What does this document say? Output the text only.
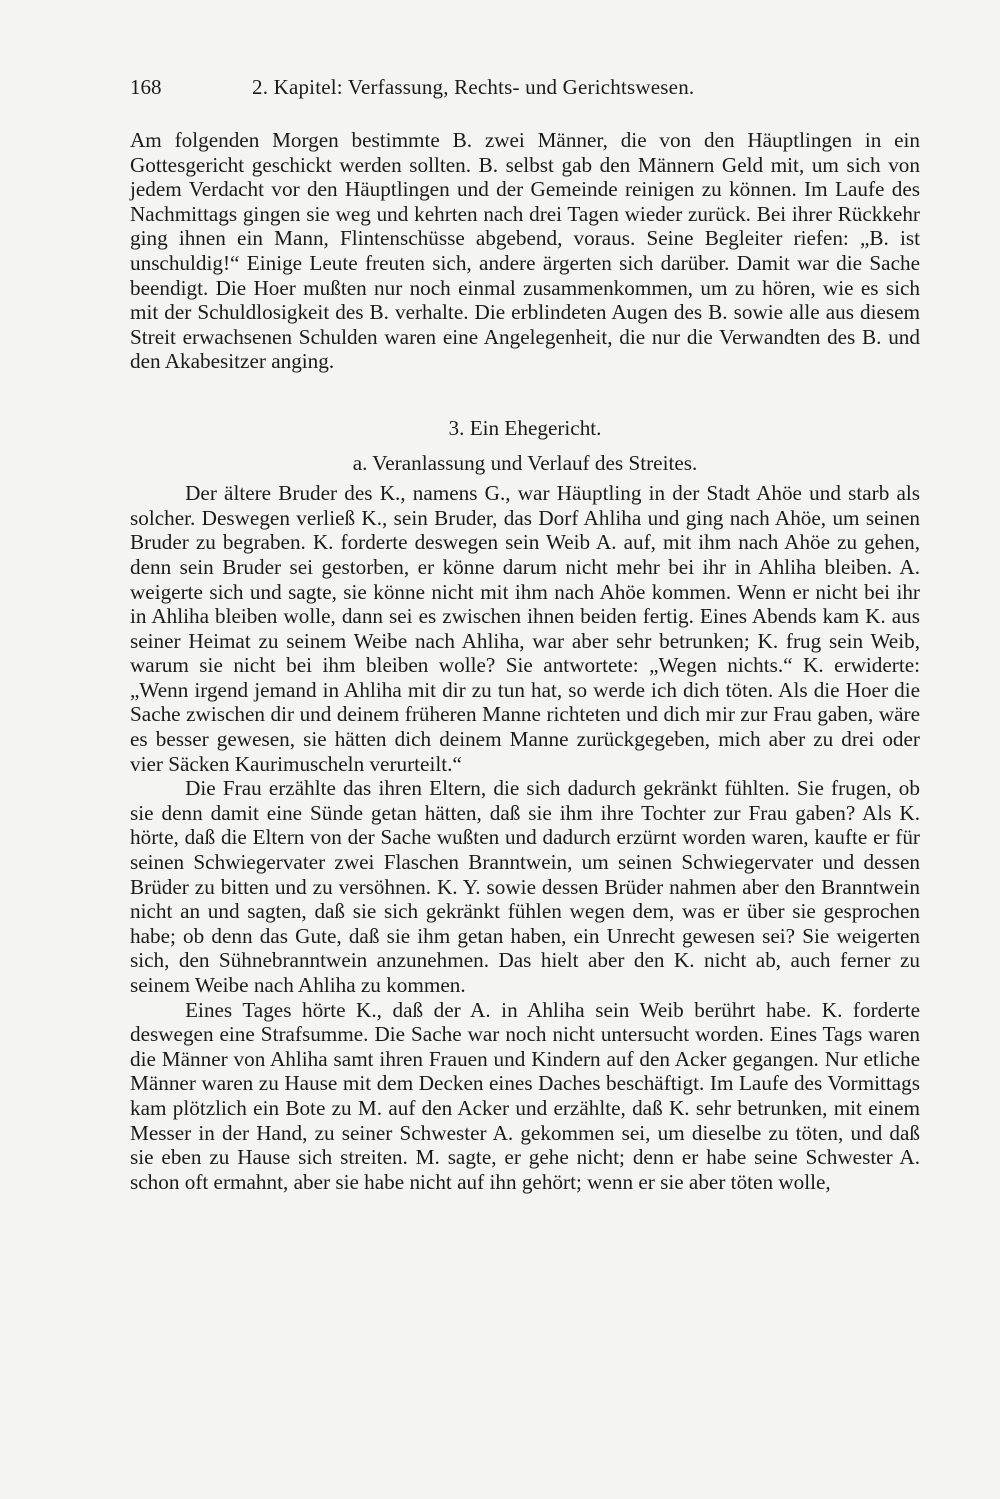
168	2. Kapitel: Verfassung, Rechts- und Gerichtswesen.

Am folgenden Morgen bestimmte B. zwei Männer, die von den Häuptlingen in ein Gottesgericht geschickt werden sollten. B. selbst gab den Männern Geld mit, um sich von jedem Verdacht vor den Häuptlingen und der Gemeinde reinigen zu können. Im Laufe des Nachmittags gingen sie weg und kehrten nach drei Tagen wieder zurück. Bei ihrer Rückkehr ging ihnen ein Mann, Flintenschüsse abgebend, voraus. Seine Begleiter riefen: „B. ist unschuldig!“ Einige Leute freuten sich, andere ärgerten sich darüber. Damit war die Sache beendigt. Die Hoer mußten nur noch einmal zusammenkommen, um zu hören, wie es sich mit der Schuldlosigkeit des B. verhalte. Die erblindeten Augen des B. sowie alle aus diesem Streit erwachsenen Schulden waren eine Angelegenheit, die nur die Verwandten des B. und den Akabesitzer anging.

3. Ein Ehegericht.
a. Veranlassung und Verlauf des Streites.

Der ältere Bruder des K., namens G., war Häuptling in der Stadt Ahöe und starb als solcher. Deswegen verließ K., sein Bruder, das Dorf Ahliha und ging nach Ahöe, um seinen Bruder zu begraben. K. forderte deswegen sein Weib A. auf, mit ihm nach Ahöe zu gehen, denn sein Bruder sei gestorben, er könne darum nicht mehr bei ihr in Ahliha bleiben. A. weigerte sich und sagte, sie könne nicht mit ihm nach Ahöe kommen. Wenn er nicht bei ihr in Ahliha bleiben wolle, dann sei es zwischen ihnen beiden fertig. Eines Abends kam K. aus seiner Heimat zu seinem Weibe nach Ahliha, war aber sehr betrunken; K. frug sein Weib, warum sie nicht bei ihm bleiben wolle? Sie antwortete: „Wegen nichts.“ K. erwiderte: „Wenn irgend jemand in Ahliha mit dir zu tun hat, so werde ich dich töten. Als die Hoer die Sache zwischen dir und deinem früheren Manne richteten und dich mir zur Frau gaben, wäre es besser gewesen, sie hätten dich deinem Manne zurückgegeben, mich aber zu drei oder vier Säcken Kaurimuscheln verurteilt.“

Die Frau erzählte das ihren Eltern, die sich dadurch gekränkt fühlten. Sie frugen, ob sie denn damit eine Sünde getan hätten, daß sie ihm ihre Tochter zur Frau gaben? Als K. hörte, daß die Eltern von der Sache wußten und dadurch erzürnt worden waren, kaufte er für seinen Schwiegervater zwei Flaschen Branntwein, um seinen Schwiegervater und dessen Brüder zu bitten und zu versöhnen. K. Y. sowie dessen Brüder nahmen aber den Branntwein nicht an und sagten, daß sie sich gekränkt fühlen wegen dem, was er über sie gesprochen habe; ob denn das Gute, daß sie ihm getan haben, ein Unrecht gewesen sei? Sie weigerten sich, den Sühnebranntwein anzunehmen. Das hielt aber den K. nicht ab, auch ferner zu seinem Weibe nach Ahliha zu kommen.

Eines Tages hörte K., daß der A. in Ahliha sein Weib berührt habe. K. forderte deswegen eine Strafsumme. Die Sache war noch nicht untersucht worden. Eines Tags waren die Männer von Ahliha samt ihren Frauen und Kindern auf den Acker gegangen. Nur etliche Männer waren zu Hause mit dem Decken eines Daches beschäftigt. Im Laufe des Vormittags kam plötzlich ein Bote zu M. auf den Acker und erzählte, daß K. sehr betrunken, mit einem Messer in der Hand, zu seiner Schwester A. gekommen sei, um dieselbe zu töten, und daß sie eben zu Hause sich streiten. M. sagte, er gehe nicht; denn er habe seine Schwester A. schon oft ermahnt, aber sie habe nicht auf ihn gehört; wenn er sie aber töten wolle,
